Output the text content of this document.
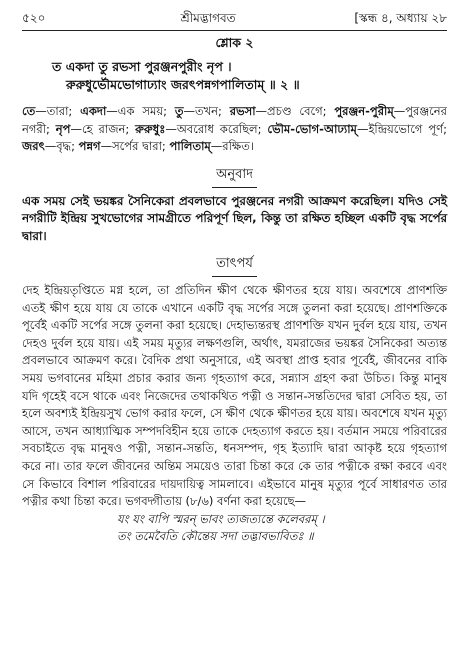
৫২০	শ্রীমদ্ভাগবত	[স্কন্ধ ৪, অধ্যায় ২৮
শ্লোক ২
ত একদা তু রভসা পুরঞ্জনপুরীং নৃপ ।
রুরুধুর্ভৌমভোগাঢ্যাং জরৎপন্নগপালিতাম্ ॥ ২ ॥
তে—তারা; একদা—এক সময়; তু—তখন; রভসা—প্রচণ্ড বেগে; পুরঞ্জন-পুরীম্—পুরঞ্জনের নগরী; নৃপ—হে রাজন; রুরুধুঃ—অবরোধ করেছিল; ভৌম-ভোগ-আঢ্যাম্—ইন্দ্রিয়ভোগে পূর্ণ; জরৎ—বৃদ্ধ; পন্নগ—সর্পের দ্বারা; পালিতাম্—রক্ষিত।
অনুবাদ
এক সময় সেই ভয়ঙ্কর সৈনিকেরা প্রবলভাবে পুরঞ্জনের নগরী আক্রমণ করেছিল। যদিও সেই নগরীটি ইন্দ্রিয় সুখভোগের সামগ্রীতে পরিপূর্ণ ছিল, কিন্তু তা রক্ষিত হচ্ছিল একটি বৃদ্ধ সর্পের দ্বারা।
তাৎপর্য
দেহ ইন্দ্রিয়তৃপ্তিতে মগ্ন হলে, তা প্রতিদিন ক্ষীণ থেকে ক্ষীণতর হয়ে যায়। অবশেষে প্রাণশক্তি এতই ক্ষীণ হয়ে যায় যে তাকে এখানে একটি বৃদ্ধ সর্পের সঙ্গে তুলনা করা হয়েছে। প্রাণশক্তিকে পূর্বেই একটি সর্পের সঙ্গে তুলনা করা হয়েছে। দেহাভ্যন্তরস্থ প্রাণশক্তি যখন দুর্বল হয়ে যায়, তখন দেহও দুর্বল হয়ে যায়। এই সময় মৃত্যুর লক্ষণগুলি, অর্থাৎ, যমরাজের ভয়ঙ্কর সৈনিকেরা অত্যন্ত প্রবলভাবে আক্রমণ করে। বৈদিক প্রথা অনুসারে, এই অবস্থা প্রাপ্ত হবার পূর্বেই, জীবনের বাকি সময় ভগবানের মহিমা প্রচার করার জন্য গৃহত্যাগ করে, সন্ন্যাস গ্রহণ করা উচিত। কিন্তু মানুষ যদি গৃহেই বসে থাকে এবং নিজেদের তথাকথিত পত্নী ও সন্তান-সন্ততিদের দ্বারা সেবিত হয়, তা হলে অবশ্যই ইন্দ্রিয়সুখ ভোগ করার ফলে, সে ক্ষীণ থেকে ক্ষীণতর হয়ে যায়। অবশেষে যখন মৃত্যু আসে, তখন আধ্যাত্মিক সম্পদবিহীন হয়ে তাকে দেহত্যাগ করতে হয়। বর্তমান সময়ে পরিবারের সবচাইতে বৃদ্ধ মানুষও পত্নী, সন্তান-সন্ততি, ধনসম্পদ, গৃহ ইত্যাদি দ্বারা আকৃষ্ট হয়ে গৃহত্যাগ করে না। তার ফলে জীবনের অন্তিম সময়েও তারা চিন্তা করে কে তার পত্নীকে রক্ষা করবে এবং সে কিভাবে বিশাল পরিবারের দায়দায়িত্ব সামলাবে। এইভাবে মানুষ মৃত্যুর পূর্বে সাধারণত তার পত্নীর কথা চিন্তা করে। ভগবদ্গীতায় (৮/৬) বর্ণনা করা হয়েছে—
যং যং বাপি স্মরন্ ভাবং ত্যজত্যন্তে কলেবরম্ ।
তং তমেবৈতি কৌন্তেয় সদা তদ্ভাবভাবিতঃ ॥
